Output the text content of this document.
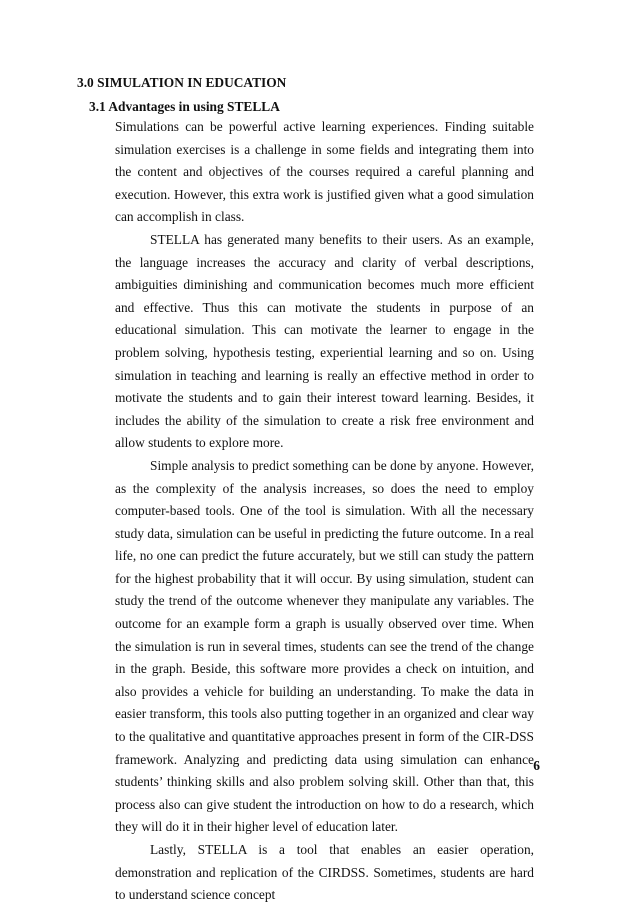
3.0 SIMULATION IN EDUCATION
3.1 Advantages in using STELLA

Simulations can be powerful active learning experiences. Finding suitable simulation exercises is a challenge in some fields and integrating them into the content and objectives of the courses required a careful planning and execution. However, this extra work is justified given what a good simulation can accomplish in class.

STELLA has generated many benefits to their users. As an example, the language increases the accuracy and clarity of verbal descriptions, ambiguities diminishing and communication becomes much more efficient and effective. Thus this can motivate the students in purpose of an educational simulation. This can motivate the learner to engage in the problem solving, hypothesis testing, experiential learning and so on. Using simulation in teaching and learning is really an effective method in order to motivate the students and to gain their interest toward learning. Besides, it includes the ability of the simulation to create a risk free environment and allow students to explore more.

Simple analysis to predict something can be done by anyone. However, as the complexity of the analysis increases, so does the need to employ computer-based tools. One of the tool is simulation. With all the necessary study data, simulation can be useful in predicting the future outcome. In a real life, no one can predict the future accurately, but we still can study the pattern for the highest probability that it will occur. By using simulation, student can study the trend of the outcome whenever they manipulate any variables. The outcome for an example form a graph is usually observed over time. When the simulation is run in several times, students can see the trend of the change in the graph. Beside, this software more provides a check on intuition, and also provides a vehicle for building an understanding. To make the data in easier transform, this tools also putting together in an organized and clear way to the qualitative and quantitative approaches present in form of the CIR-DSS framework. Analyzing and predicting data using simulation can enhance students’ thinking skills and also problem solving skill. Other than that, this process also can give student the introduction on how to do a research, which they will do it in their higher level of education later.

Lastly, STELLA is a tool that enables an easier operation, demonstration and replication of the CIRDSS. Sometimes, students are hard to understand science concept

6
